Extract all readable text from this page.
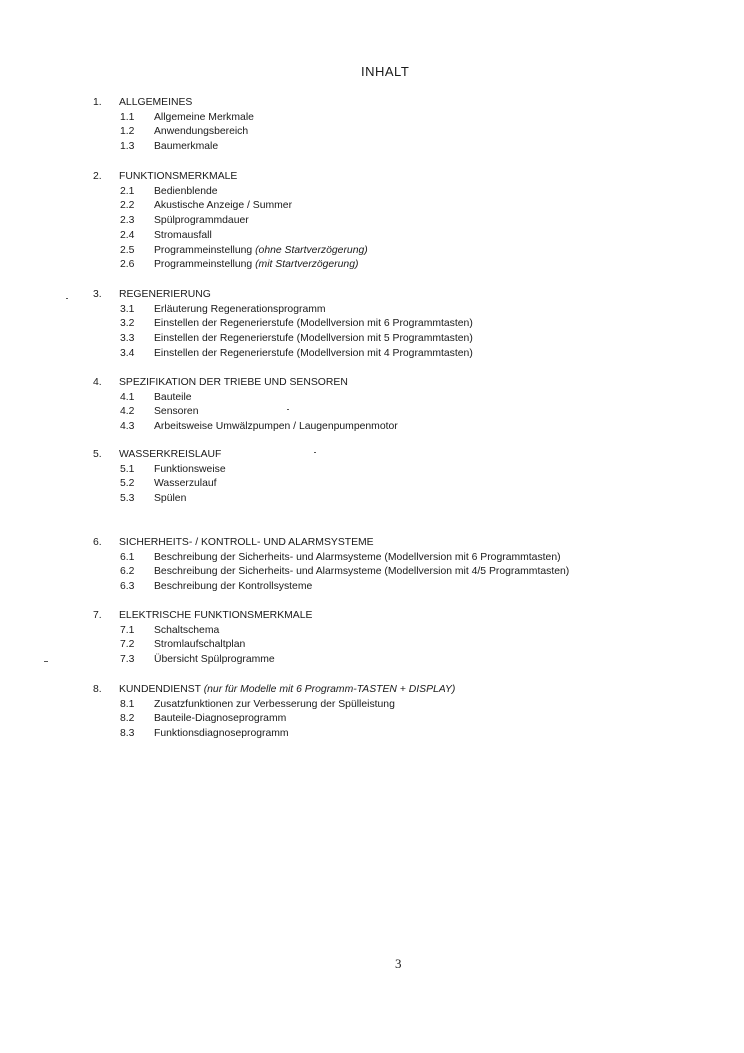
INHALT
1. ALLGEMEINES
1.1 Allgemeine Merkmale
1.2 Anwendungsbereich
1.3 Baumerkmale
2. FUNKTIONSMERKMALE
2.1 Bedienblende
2.2 Akustische Anzeige / Summer
2.3 Spülprogrammdauer
2.4 Stromausfall
2.5 Programmeinstellung (ohne Startverzögerung)
2.6 Programmeinstellung (mit Startverzögerung)
3. REGENERIERUNG
3.1 Erläuterung Regenerationsprogramm
3.2 Einstellen der Regenerierstufe (Modellversion mit 6 Programmtasten)
3.3 Einstellen der Regenerierstufe (Modellversion mit 5 Programmtasten)
3.4 Einstellen der Regenerierstufe (Modellversion mit 4 Programmtasten)
4. SPEZIFIKATION DER TRIEBE UND SENSOREN
4.1 Bauteile
4.2 Sensoren
4.3 Arbeitsweise Umwälzpumpen / Laugenpumpenmotor
5. WASSERKREISLAUF
5.1 Funktionsweise
5.2 Wasserzulauf
5.3 Spülen
6. SICHERHEITS- / KONTROLL- UND ALARMSYSTEME
6.1 Beschreibung der Sicherheits- und Alarmsysteme (Modellversion mit 6 Programmtasten)
6.2 Beschreibung der Sicherheits- und Alarmsysteme (Modellversion mit 4/5 Programmtasten)
6.3 Beschreibung der Kontrollsysteme
7. ELEKTRISCHE FUNKTIONSMERKMALE
7.1 Schaltschema
7.2 Stromlaufschaltplan
7.3 Übersicht Spülprogramme
8. KUNDENDIENST (nur für Modelle mit 6 Programm-TASTEN + DISPLAY)
8.1 Zusatzfunktionen zur Verbesserung der Spülleistung
8.2 Bauteile-Diagnoseprogramm
8.3 Funktionsdiagnoseprogramm
3
